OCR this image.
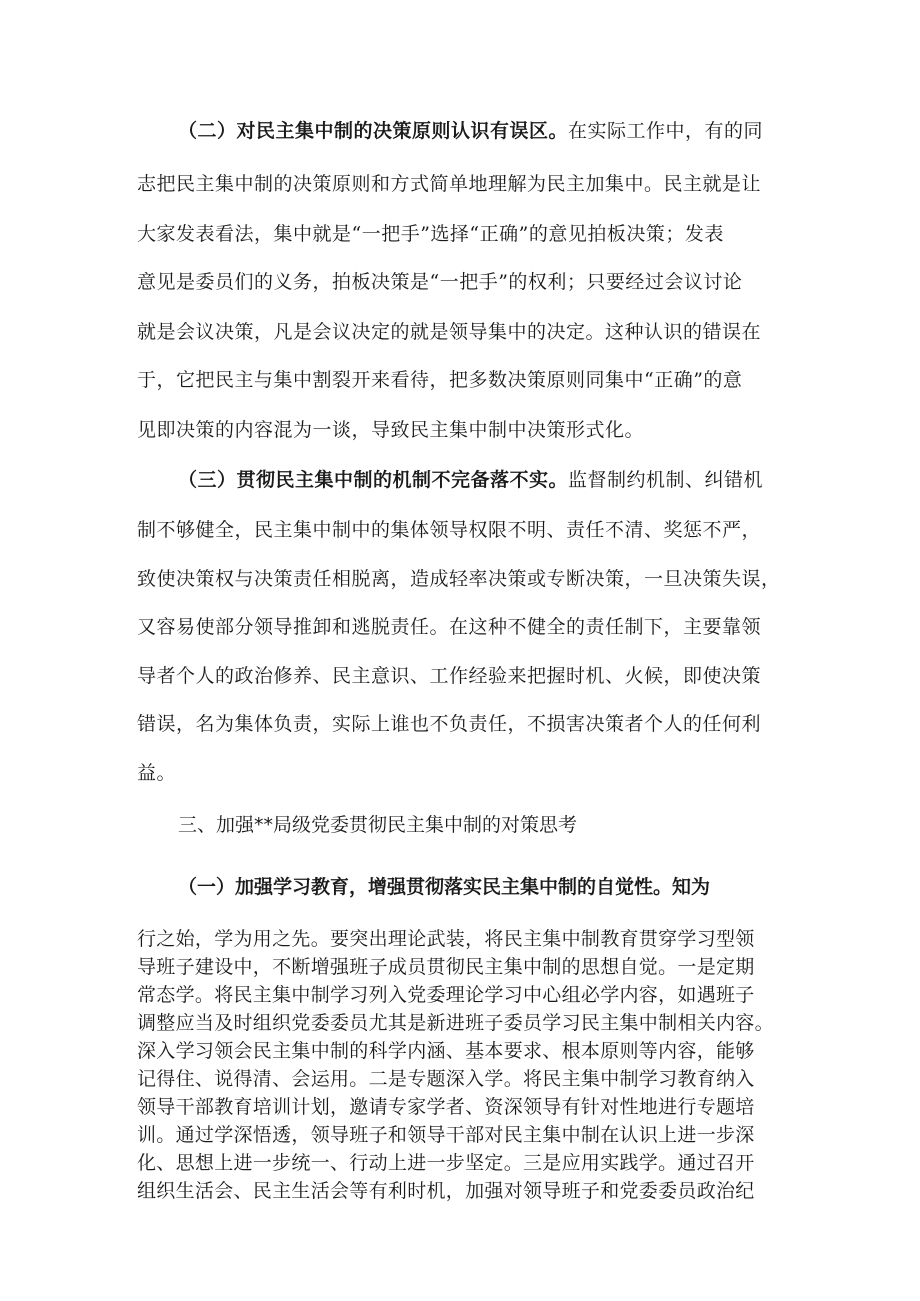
（二）对民主集中制的决策原则认识有误区。在实际工作中，有的同
志把民主集中制的决策原则和方式简单地理解为民主加集中。民主就是让
大家发表看法，集中就是“一把手”选择“正确”的意见拍板决策；发表
意见是委员们的义务，拍板决策是“一把手”的权利；只要经过会议讨论
就是会议决策，凡是会议决定的就是领导集中的决定。这种认识的错误在
于，它把民主与集中割裂开来看待，把多数决策原则同集中“正确”的意
见即决策的内容混为一谈，导致民主集中制中决策形式化。
（三）贯彻民主集中制的机制不完备落不实。监督制约机制、纠错机
制不够健全，民主集中制中的集体领导权限不明、责任不清、奖惩不严，
致使决策权与决策责任相脱离，造成轻率决策或专断决策，一旦决策失误，
又容易使部分领导推卸和逃脱责任。在这种不健全的责任制下，主要靠领
导者个人的政治修养、民主意识、工作经验来把握时机、火候，即使决策
错误，名为集体负责，实际上谁也不负责任，不损害决策者个人的任何利
益。
三、加强**局级党委贯彻民主集中制的对策思考
（一）加强学习教育，增强贯彻落实民主集中制的自觉性。知为
行之始，学为用之先。要突出理论武装，将民主集中制教育贯穿学习型领
导班子建设中，不断增强班子成员贯彻民主集中制的思想自觉。一是定期
常态学。将民主集中制学习列入党委理论学习中心组必学内容，如遇班子
调整应当及时组织党委委员尤其是新进班子委员学习民主集中制相关内容。
深入学习领会民主集中制的科学内涵、基本要求、根本原则等内容，能够
记得住、说得清、会运用。二是专题深入学。将民主集中制学习教育纳入
领导干部教育培训计划，邀请专家学者、资深领导有针对性地进行专题培
训。通过学深悟透，领导班子和领导干部对民主集中制在认识上进一步深
化、思想上进一步统一、行动上进一步坚定。三是应用实践学。通过召开
组织生活会、民主生活会等有利时机，加强对领导班子和党委委员政治纪
